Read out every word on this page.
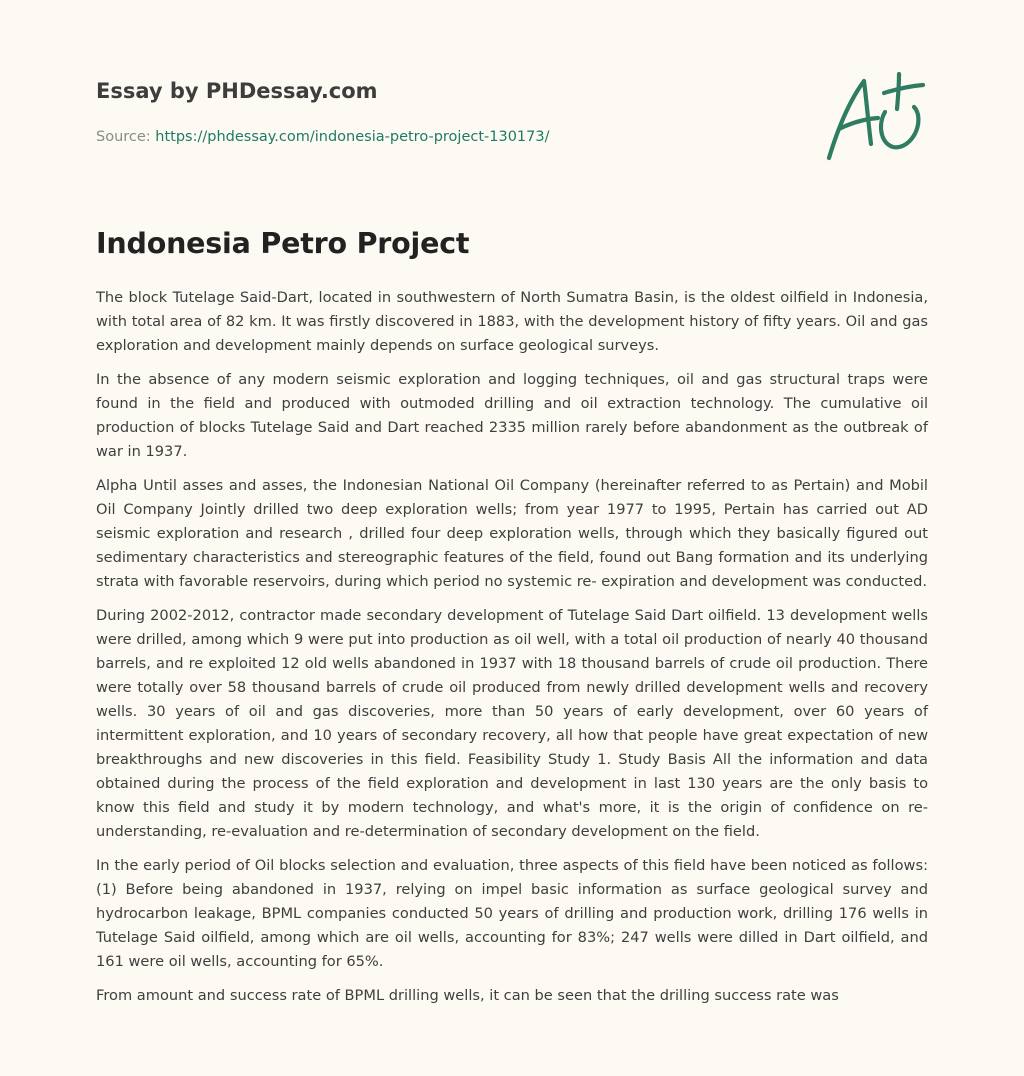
Essay by PHDessay.com
Source: https://phdessay.com/indonesia-petro-project-130173/
Indonesia Petro Project

The block Tutelage Said-Dart, located in southwestern of North Sumatra Basin, is the oldest oilfield in Indonesia, with total area of 82 km. It was firstly discovered in 1883, with the development history of fifty years. Oil and gas exploration and development mainly depends on surface geological surveys.

In the absence of any modern seismic exploration and logging techniques, oil and gas structural traps were found in the field and produced with outmoded drilling and oil extraction technology. The cumulative oil production of blocks Tutelage Said and Dart reached 2335 million rarely before abandonment as the outbreak of war in 1937.

Alpha Until asses and asses, the Indonesian National Oil Company (hereinafter referred to as Pertain) and Mobil Oil Company Jointly drilled two deep exploration wells; from year 1977 to 1995, Pertain has carried out AD seismic exploration and research , drilled four deep exploration wells, through which they basically figured out sedimentary characteristics and stereographic features of the field, found out Bang formation and its underlying strata with favorable reservoirs, during which period no systemic re- expiration and development was conducted.

During 2002-2012, contractor made secondary development of Tutelage Said Dart oilfield. 13 development wells were drilled, among which 9 were put into production as oil well, with a total oil production of nearly 40 thousand barrels, and re exploited 12 old wells abandoned in 1937 with 18 thousand barrels of crude oil production. There were totally over 58 thousand barrels of crude oil produced from newly drilled development wells and recovery wells. 30 years of oil and gas discoveries, more than 50 years of early development, over 60 years of intermittent exploration, and 10 years of secondary recovery, all how that people have great expectation of new breakthroughs and new discoveries in this field. Feasibility Study 1. Study Basis All the information and data obtained during the process of the field exploration and development in last 130 years are the only basis to know this field and study it by modern technology, and what's more, it is the origin of confidence on re- understanding, re-evaluation and re-determination of secondary development on the field.

In the early period of Oil blocks selection and evaluation, three aspects of this field have been noticed as follows: (1) Before being abandoned in 1937, relying on impel basic information as surface geological survey and hydrocarbon leakage, BPML companies conducted 50 years of drilling and production work, drilling 176 wells in Tutelage Said oilfield, among which are oil wells, accounting for 83%; 247 wells were dilled in Dart oilfield, and 161 were oil wells, accounting for 65%.

From amount and success rate of BPML drilling wells, it can be seen that the drilling success rate was
